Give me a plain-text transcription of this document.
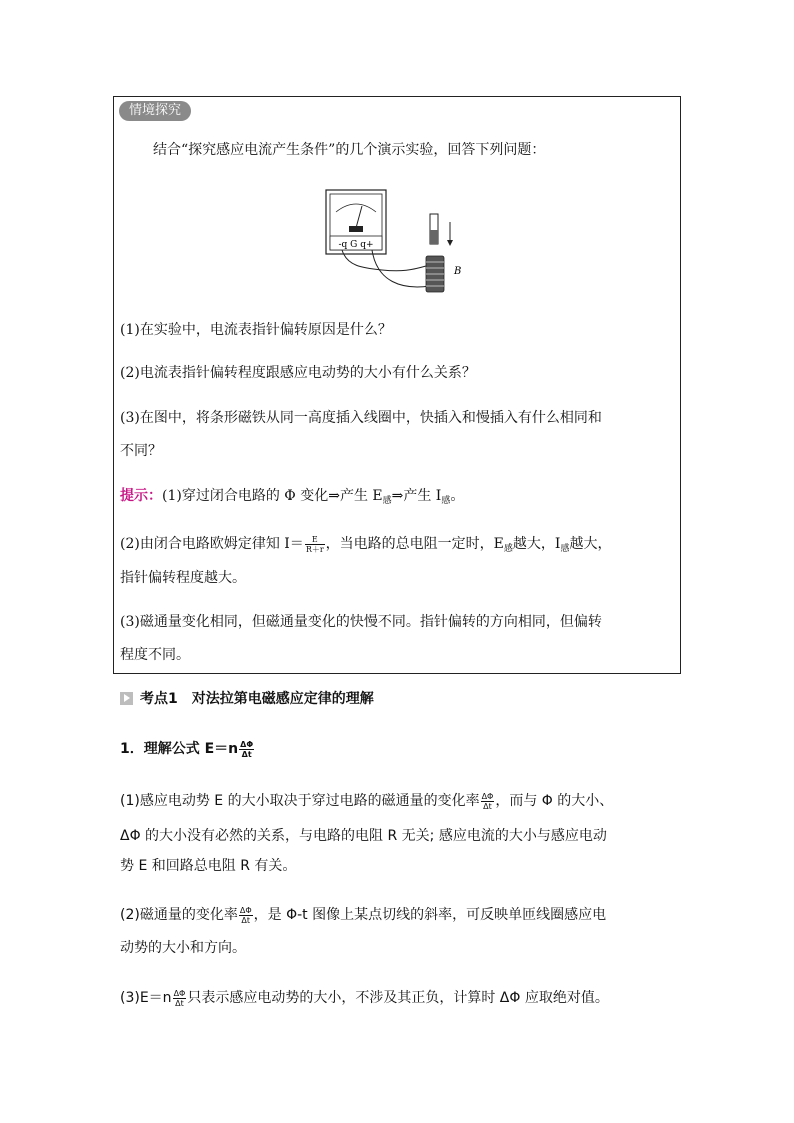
情境探究
结合“探究感应电流产生条件”的几个演示实验，回答下列问题：
-q G q+
B
(1)在实验中，电流表指针偏转原因是什么？
(2)电流表指针偏转程度跟感应电动势的大小有什么关系？
(3)在图中，将条形磁铁从同一高度插入线圈中，快插入和慢插入有什么相同和
不同？
提示：(1)穿过闭合电路的 Φ 变化⇒产生 $E_感\Rightarrow$产生 $I_感$。
(2)由闭合电路欧姆定律知 $I= \frac{E}{R+r}$ ，当电路的总电阻一定时，$E_感$越大，$I_感$越大，
指针偏转程度越大。
(3)磁通量变化相同，但磁通量变化的快慢不同。指针偏转的方向相同，但偏转
程度不同。
考点1　对法拉第电磁感应定律的理解
1．理解公式 $E=n \frac{\Delta\Phi}{\Delta t}$
(1)感应电动势 E 的大小取决于穿过电路的磁通量的变化率 $\frac{\Delta\Phi}{\Delta t}$ ，而与 Φ 的大小、
ΔΦ 的大小没有必然的关系，与电路的电阻 R 无关; 感应电流的大小与感应电动
势 E 和回路总电阻 R 有关。
(2)磁通量的变化率 $\frac{\Delta\Phi}{\Delta t}$ ，是 Φ-t 图像上某点切线的斜率，可反映单匝线圈感应电
动势的大小和方向。
$(3)E=n \frac{\Delta\Phi}{\Delta t}$ 只表示感应电动势的大小，不涉及其正负，计算时 ΔΦ 应取绝对值。
